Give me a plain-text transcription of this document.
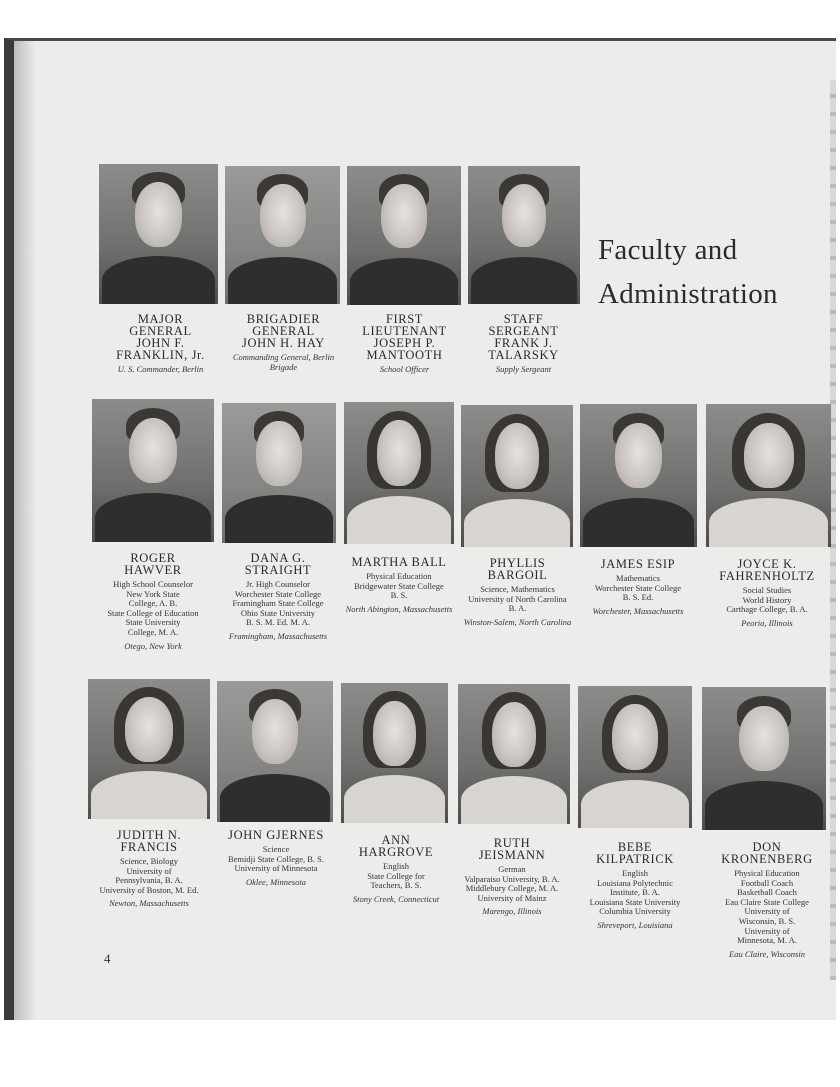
Faculty and
Administration
MAJOR
GENERAL
JOHN F.
FRANKLIN, Jr.
U. S. Commander, Berlin
BRIGADIER
GENERAL
JOHN H. HAY
Commanding General, Berlin Brigade
FIRST
LIEUTENANT
JOSEPH P.
MANTOOTH
School Officer
STAFF
SERGEANT
FRANK J.
TALARSKY
Supply Sergeant
ROGER
HAWVER
High School Counselor
New York State
College, A. B.
State College of Education
State University
College, M. A.
Otego, New York
DANA G.
STRAIGHT
Jr. High Counselor
Worchester State College
Framingham State College
Ohio State University
B. S. M. Ed. M. A.
Framingham, Massachusetts
MARTHA BALL
Physical Education
Bridgewater State College
B. S.
North Abington, Massachusetts
PHYLLIS
BARGOIL
Science, Mathematics
University of North Carolina
B. A.
Winston-Salem, North Carolina
JAMES ESIP
Mathematics
Worchester State College
B. S. Ed.
Worchester, Massachusetts
JOYCE K.
FAHRENHOLTZ
Social Studies
World History
Carthage College, B. A.
Peoria, Illinois
JUDITH N.
FRANCIS
Science, Biology
University of
Pennsylvania, B. A.
University of Boston, M. Ed.
Newton, Massachusetts
JOHN GJERNES
Science
Bemidji State College, B. S.
University of Minnesota
Oklee, Minnesota
ANN
HARGROVE
English
State College for
Teachers, B. S.
Stony Creek, Connecticut
RUTH
JEISMANN
German
Valparaiso University, B. A.
Middlebury College, M. A.
University of Mainz
Marengo, Illinois
BEBE
KILPATRICK
English
Louisiana Polytechnic
Institute, B. A.
Louisiana State University
Columbia University
Shreveport, Louisiana
DON
KRONENBERG
Physical Education
Football Coach
Basketball Coach
Eau Claire State College
University of
Wisconsin, B. S.
University of
Minnesota, M. A.
Eau Claire, Wisconsin
4
